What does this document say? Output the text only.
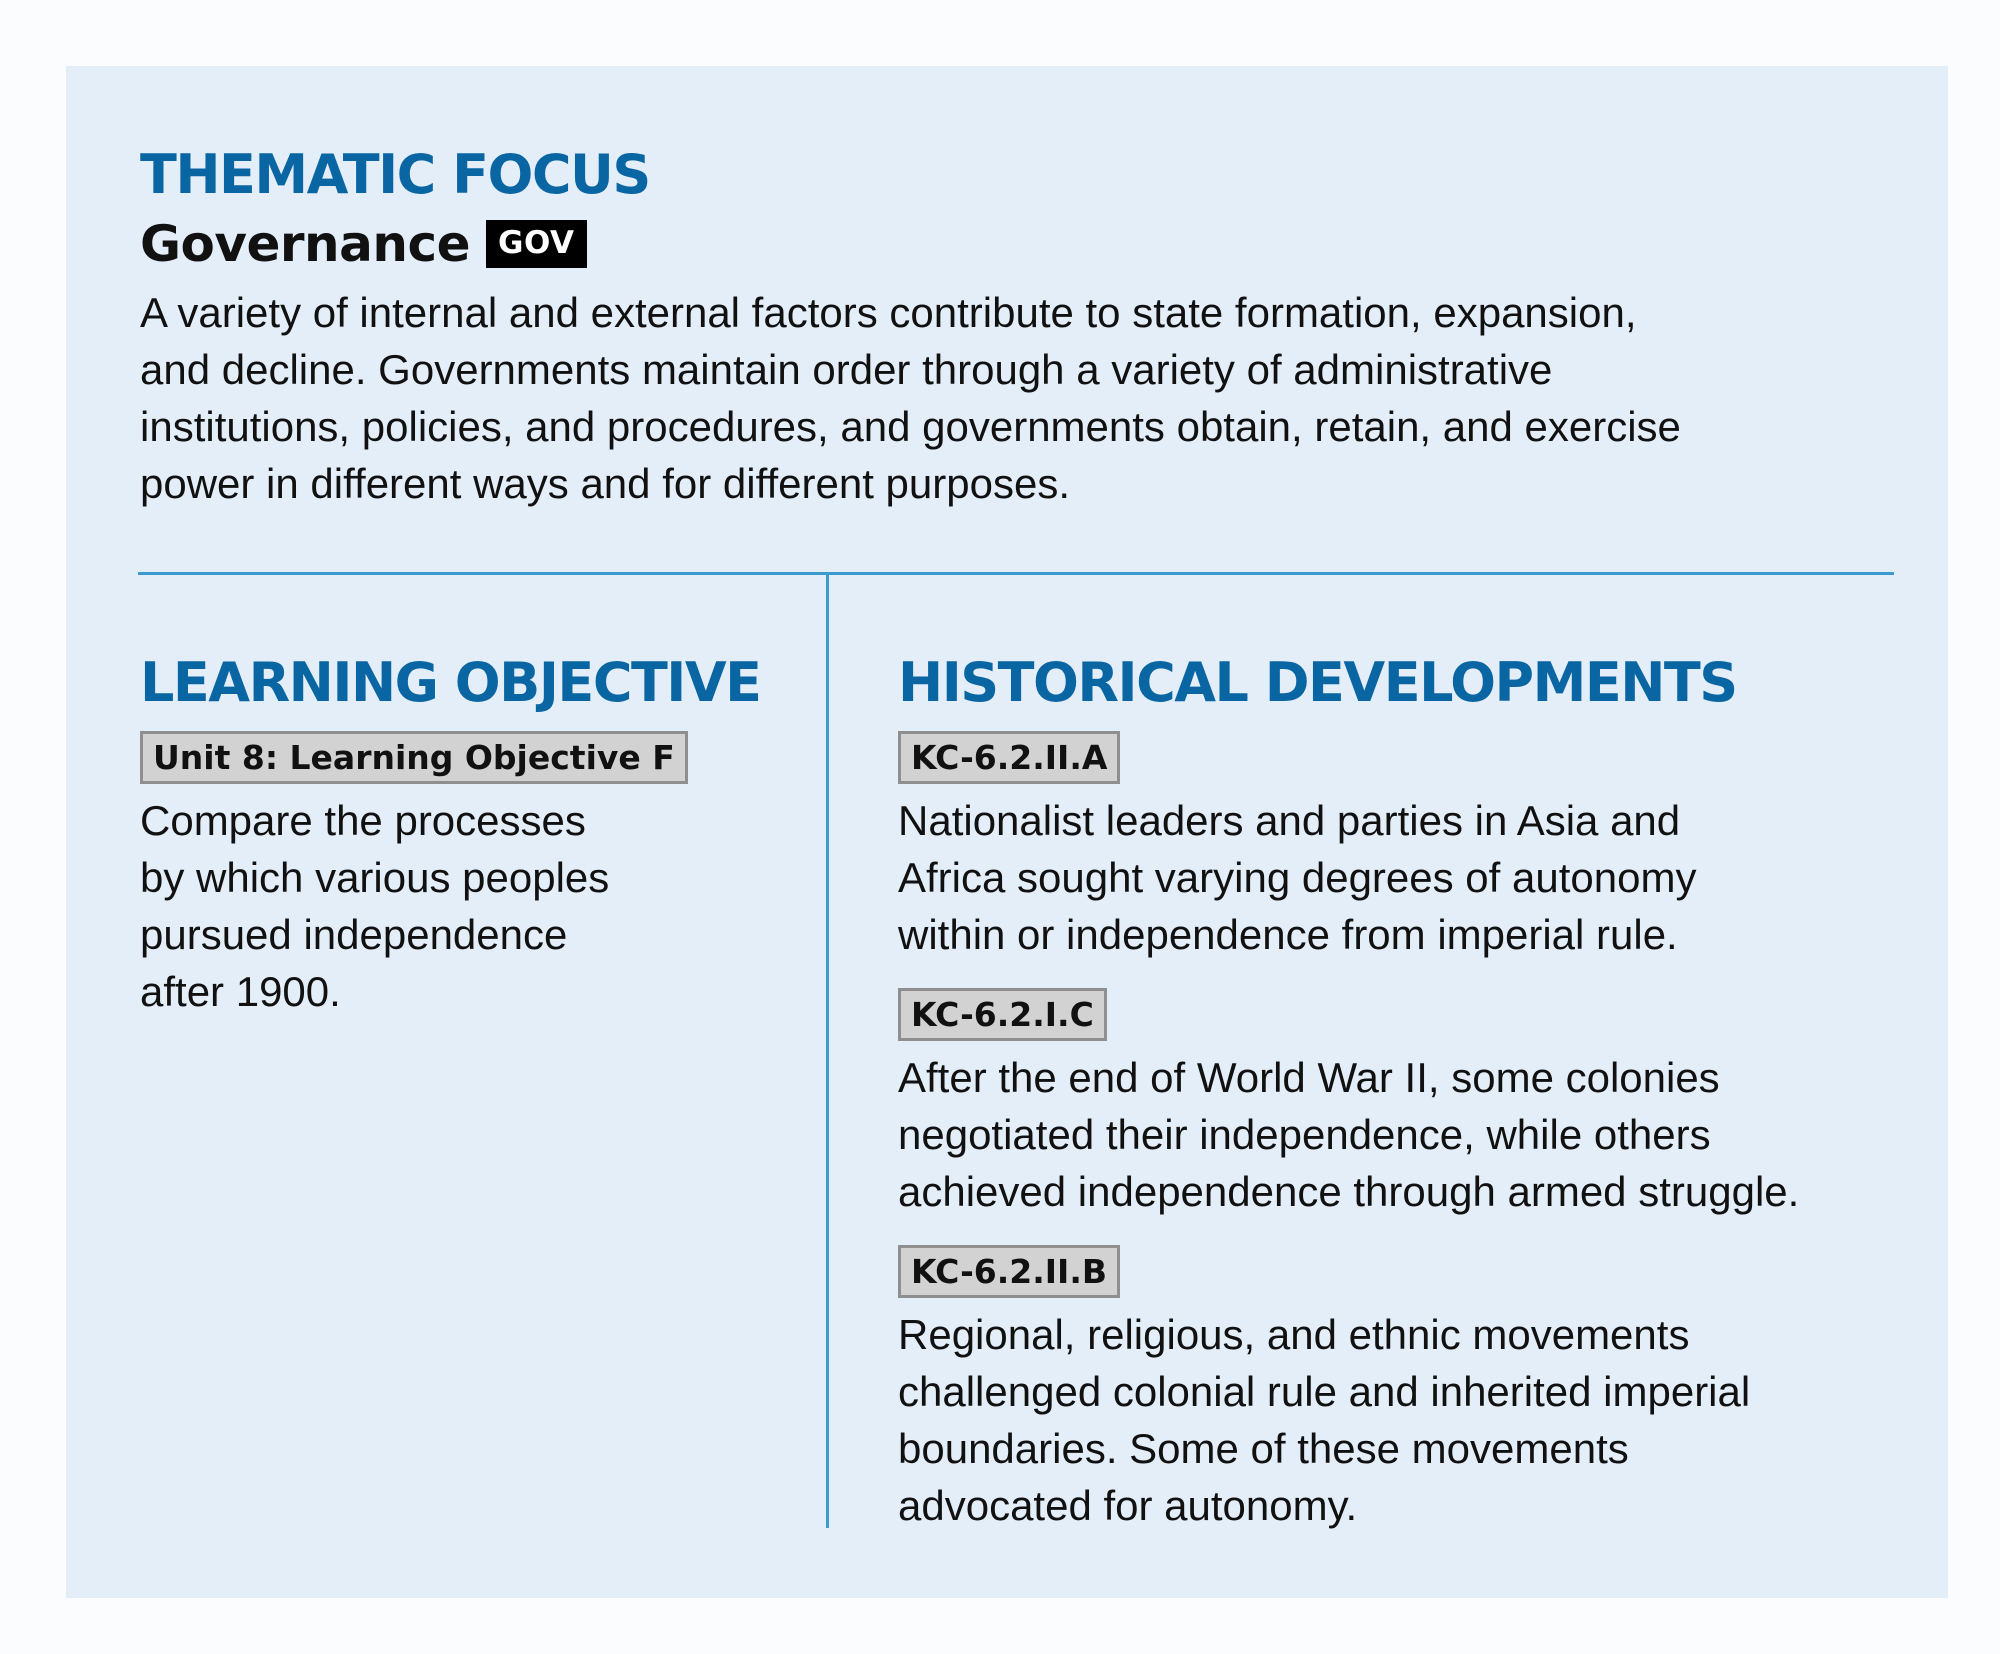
THEMATIC FOCUS
Governance GOV

A variety of internal and external factors contribute to state formation, expansion,
and decline. Governments maintain order through a variety of administrative
institutions, policies, and procedures, and governments obtain, retain, and exercise
power in different ways and for different purposes.

LEARNING OBJECTIVE
Unit 8: Learning Objective F

Compare the processes
by which various peoples
pursued independence
after 1900.

HISTORICAL DEVELOPMENTS
KC-6.2.II.A

Nationalist leaders and parties in Asia and
Africa sought varying degrees of autonomy
within or independence from imperial rule.

KC-6.2.I.C

After the end of World War II, some colonies
negotiated their independence, while others
achieved independence through armed struggle.

KC-6.2.II.B

Regional, religious, and ethnic movements
challenged colonial rule and inherited imperial
boundaries. Some of these movements
advocated for autonomy.
